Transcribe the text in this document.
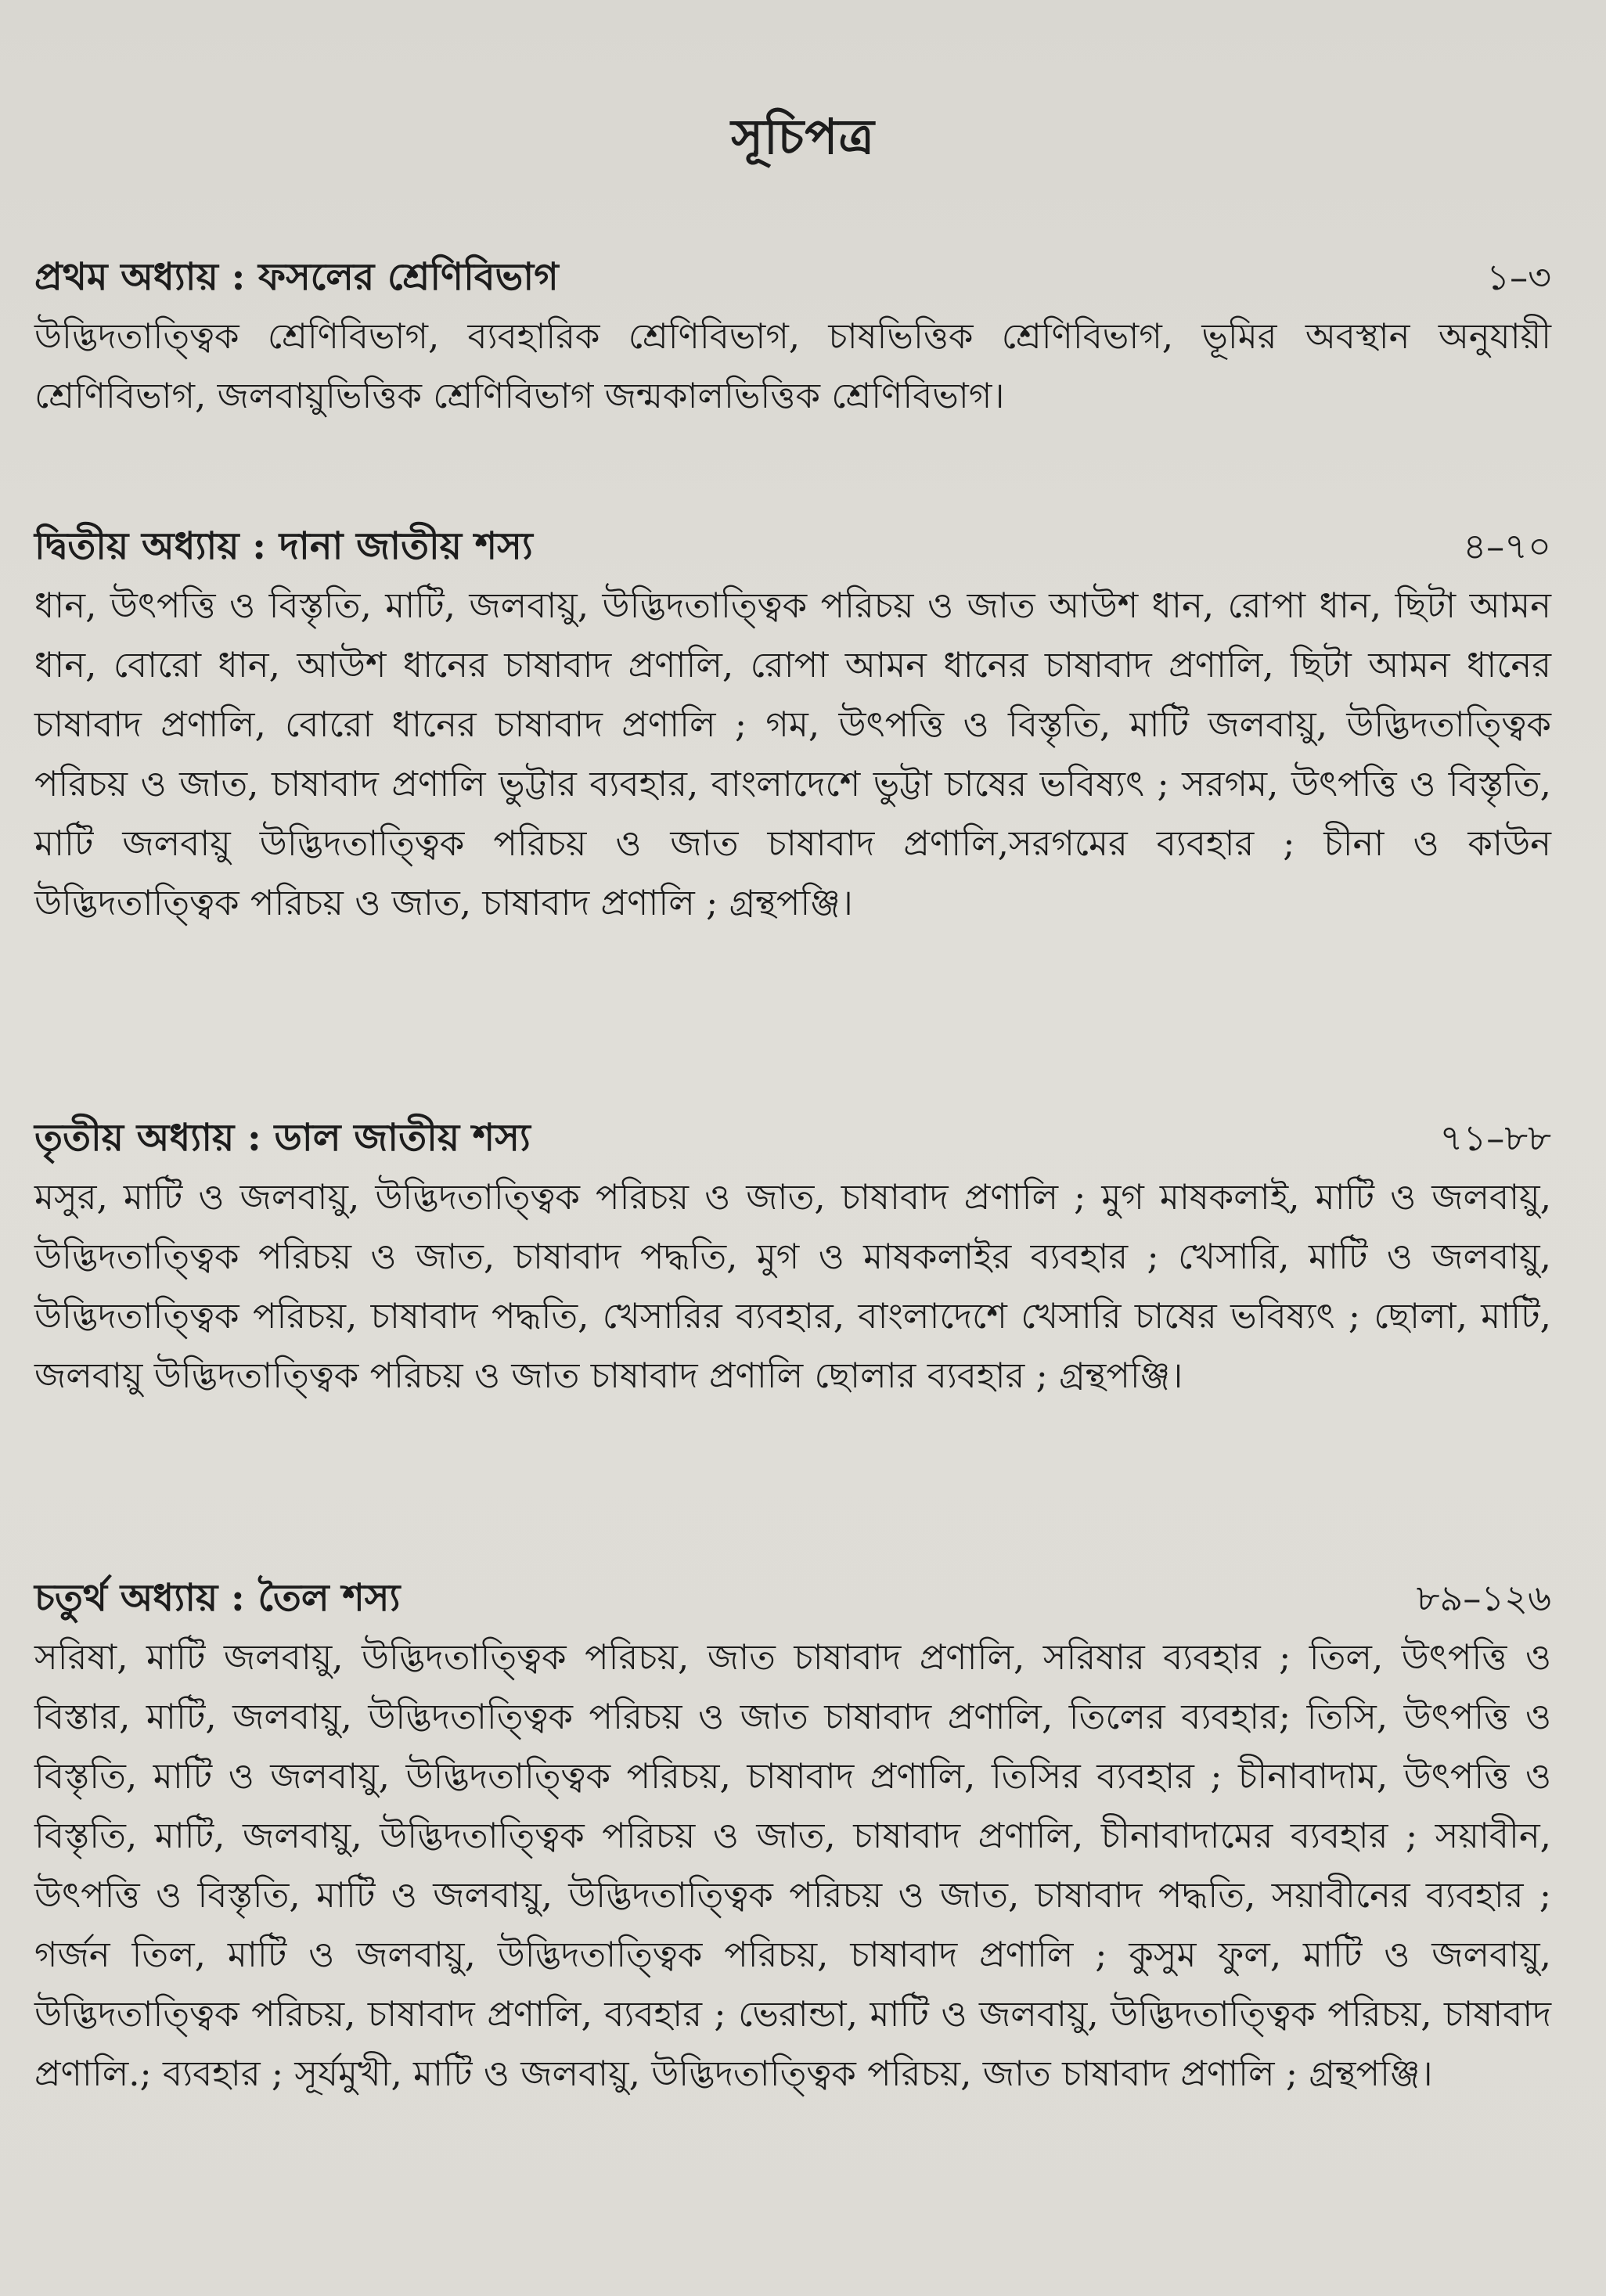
সূচিপত্র
প্রথম অধ্যায় : ফসলের শ্রেণিবিভাগ	১–৩

উদ্ভিদতাত্ত্বিক শ্রেণিবিভাগ, ব্যবহারিক শ্রেণিবিভাগ, চাষভিত্তিক শ্রেণিবিভাগ, ভূমির অবস্থান অনুযায়ী শ্রেণিবিভাগ, জলবায়ুভিত্তিক শ্রেণিবিভাগ জন্মকালভিত্তিক শ্রেণিবিভাগ।

দ্বিতীয় অধ্যায় : দানা জাতীয় শস্য	৪–৭০

ধান, উৎপত্তি ও বিস্তৃতি, মাটি, জলবায়ু, উদ্ভিদতাত্ত্বিক পরিচয় ও জাত আউশ ধান, রোপা ধান, ছিটা আমন ধান, বোরো ধান, আউশ ধানের চাষাবাদ প্রণালি, রোপা আমন ধানের চাষাবাদ প্রণালি, ছিটা আমন ধানের চাষাবাদ প্রণালি, বোরো ধানের চাষাবাদ প্রণালি ; গম, উৎপত্তি ও বিস্তৃতি, মাটি জলবায়ু, উদ্ভিদতাত্ত্বিক পরিচয় ও জাত, চাষাবাদ প্রণালি ভুট্টার ব্যবহার, বাংলাদেশে ভুট্টা চাষের ভবিষ্যৎ ; সরগম, উৎপত্তি ও বিস্তৃতি, মাটি জলবায়ু উদ্ভিদতাত্ত্বিক পরিচয় ও জাত চাষাবাদ প্রণালি,সরগমের ব্যবহার ; চীনা ও কাউন উদ্ভিদতাত্ত্বিক পরিচয় ও জাত, চাষাবাদ প্রণালি ; গ্রন্থপঞ্জি।

তৃতীয় অধ্যায় : ডাল জাতীয় শস্য	৭১–৮৮

মসুর, মাটি ও জলবায়ু, উদ্ভিদতাত্ত্বিক পরিচয় ও জাত, চাষাবাদ প্রণালি ; মুগ মাষকলাই, মাটি ও জলবায়ু, উদ্ভিদতাত্ত্বিক পরিচয় ও জাত, চাষাবাদ পদ্ধতি, মুগ ও মাষকলাইর ব্যবহার ; খেসারি, মাটি ও জলবায়ু, উদ্ভিদতাত্ত্বিক পরিচয়, চাষাবাদ পদ্ধতি, খেসারির ব্যবহার, বাংলাদেশে খেসারি চাষের ভবিষ্যৎ ; ছোলা, মাটি, জলবায়ু উদ্ভিদতাত্ত্বিক পরিচয় ও জাত চাষাবাদ প্রণালি ছোলার ব্যবহার ; গ্রন্থপঞ্জি।

চতুর্থ অধ্যায় : তৈল শস্য	৮৯–১২৬

সরিষা, মাটি জলবায়ু, উদ্ভিদতাত্ত্বিক পরিচয়, জাত চাষাবাদ প্রণালি, সরিষার ব্যবহার ; তিল, উৎপত্তি ও বিস্তার, মাটি, জলবায়ু, উদ্ভিদতাত্ত্বিক পরিচয় ও জাত চাষাবাদ প্রণালি, তিলের ব্যবহার; তিসি, উৎপত্তি ও বিস্তৃতি, মাটি ও জলবায়ু, উদ্ভিদতাত্ত্বিক পরিচয়, চাষাবাদ প্রণালি, তিসির ব্যবহার ; চীনাবাদাম, উৎপত্তি ও বিস্তৃতি, মাটি, জলবায়ু, উদ্ভিদতাত্ত্বিক পরিচয় ও জাত, চাষাবাদ প্রণালি, চীনাবাদামের ব্যবহার ; সয়াবীন, উৎপত্তি ও বিস্তৃতি, মাটি ও জলবায়ু, উদ্ভিদতাত্ত্বিক পরিচয় ও জাত, চাষাবাদ পদ্ধতি, সয়াবীনের ব্যবহার ; গর্জন তিল, মাটি ও জলবায়ু, উদ্ভিদতাত্ত্বিক পরিচয়, চাষাবাদ প্রণালি ; কুসুম ফুল, মাটি ও জলবায়ু, উদ্ভিদতাত্ত্বিক পরিচয়, চাষাবাদ প্রণালি, ব্যবহার ; ভেরান্ডা, মাটি ও জলবায়ু, উদ্ভিদতাত্ত্বিক পরিচয়, চাষাবাদ প্রণালি.; ব্যবহার ; সূর্যমুখী, মাটি ও জলবায়ু, উদ্ভিদতাত্ত্বিক পরিচয়, জাত চাষাবাদ প্রণালি ; গ্রন্থপঞ্জি।
